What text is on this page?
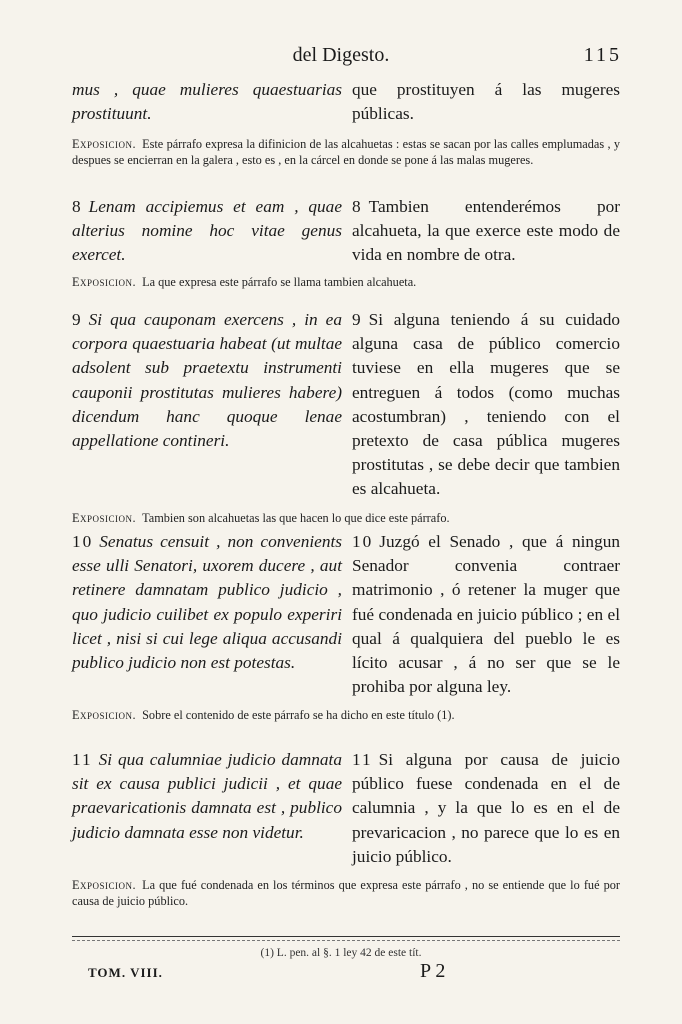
del Digesto.	115
mus , quae mulieres quaestuarias prostituunt.
que prostituyen á las mugeres públicas.
Exposicion. Este párrafo expresa la difinicion de las alcahuetas : estas se sacan por las calles emplumadas , y despues se encierran en la galera , esto es , en la cárcel en donde se pone á las malas mugeres.
8 Lenam accipiemus et eam , quae alterius nomine hoc vitae genus exercet.
8 Tambien entenderémos por alcahueta, la que exerce este modo de vida en nombre de otra.
Exposicion. La que expresa este párrafo se llama tambien alcahueta.
9 Si qua cauponam exercens , in ea corpora quaestuaria habeat (ut multae adsolent sub praetextu instrumenti cauponii prostitutas mulieres habere) dicendum hanc quoque lenae appellatione contineri.
9 Si alguna teniendo á su cuidado alguna casa de público comercio tuviese en ella mugeres que se entreguen á todos (como muchas acostumbran) , teniendo con el pretexto de casa pública mugeres prostitutas , se debe decir que tambien es alcahueta.
Exposicion. Tambien son alcahuetas las que hacen lo que dice este párrafo.
10 Senatus censuit , non convenients esse ulli Senatori, uxorem ducere , aut retinere damnatam publico judicio , quo judicio cuilibet ex populo experiri licet , nisi si cui lege aliqua accusandi publico judicio non est potestas.
10 Juzgó el Senado , que á ningun Senador convenia contraer matrimonio , ó retener la muger que fué condenada en juicio público ; en el qual á qualquiera del pueblo le es lícito acusar , á no ser que se le prohiba por alguna ley.
Exposicion. Sobre el contenido de este párrafo se ha dicho en este título (1).
11 Si qua calumniae judicio damnata sit ex causa publici judicii , et quae praevaricationis damnata est , publico judicio damnata esse non videtur.
11 Si alguna por causa de juicio público fuese condenada en el de calumnia , y la que lo es en el de prevaricacion , no parece que lo es en juicio público.
Exposicion. La que fué condenada en los términos que expresa este párrafo , no se entiende que lo fué por causa de juicio público.
(1) L. pen. al §. 1 ley 42 de este tít.
TOM. VIII.	P 2
